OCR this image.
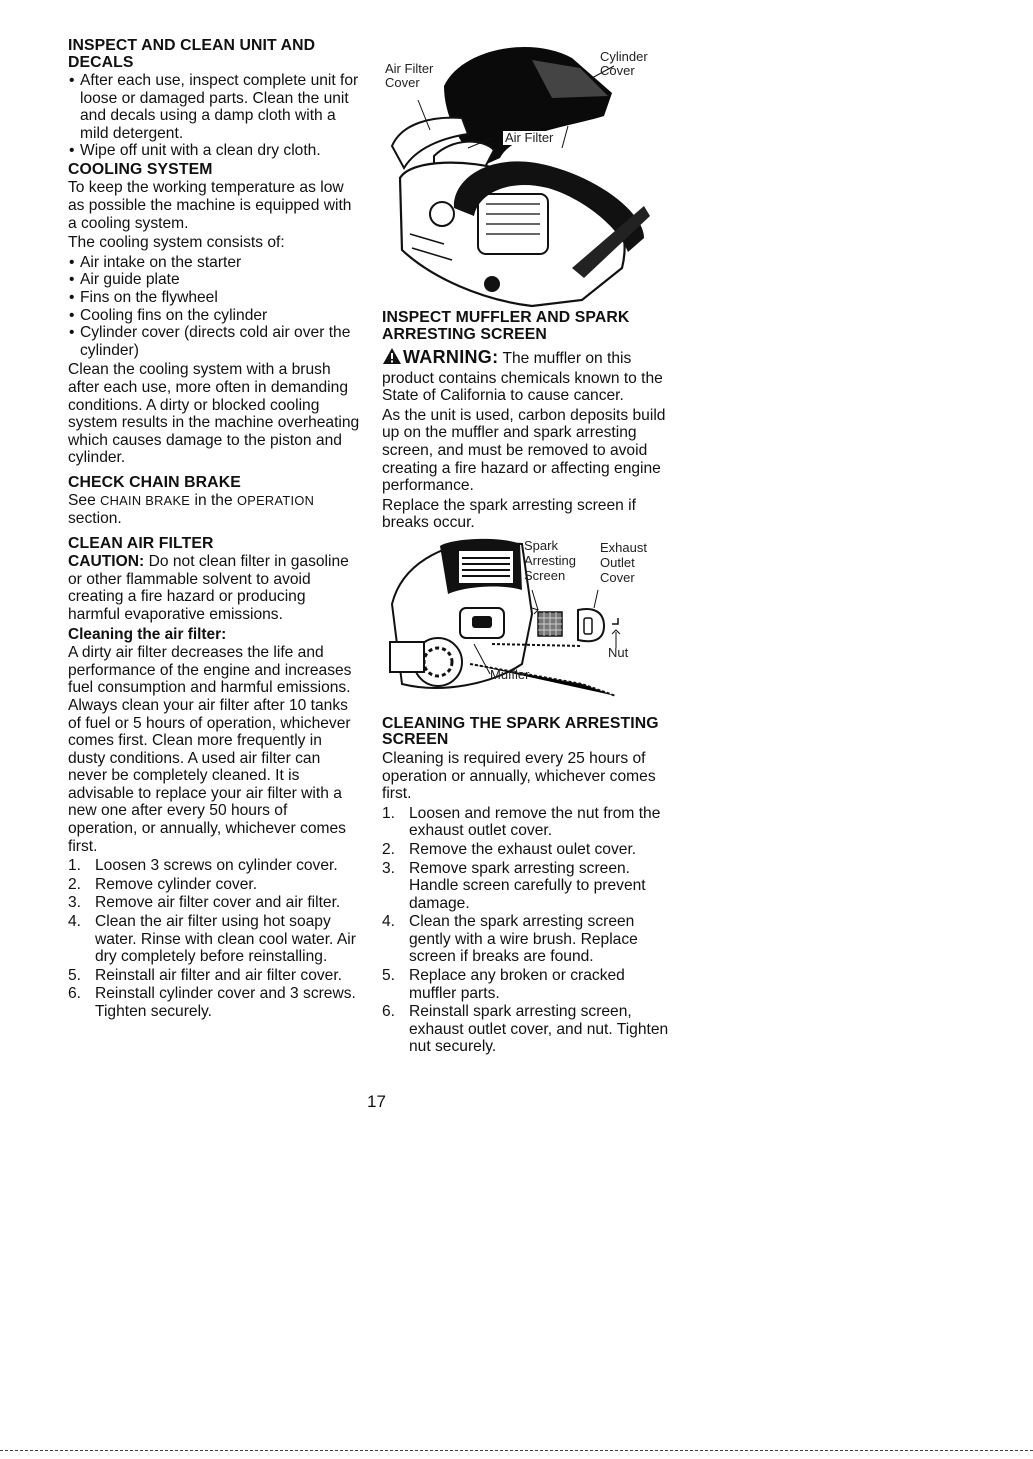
INSPECT AND CLEAN UNIT AND DECALS
• After each use, inspect complete unit for loose or damaged parts. Clean the unit and decals using a damp cloth with a mild detergent.
• Wipe off unit with a clean dry cloth.
COOLING SYSTEM

To keep the working temperature as low as possible the machine is equipped with a cooling system.

The cooling system consists of:

• Air intake on the starter
• Air guide plate
• Fins on the flywheel
• Cooling fins on the cylinder
• Cylinder cover (directs cold air over the cylinder)

Clean the cooling system with a brush after each use, more often in demanding conditions. A dirty or blocked cooling system results in the machine overheating which causes damage to the piston and cylinder.

CHECK CHAIN BRAKE

See CHAIN BRAKE in the OPERATION
section.

CLEAN AIR FILTER

CAUTION: Do not clean filter in gasoline or other flammable solvent to avoid creating a fire hazard or producing harmful evaporative emissions.

Cleaning the air filter:

A dirty air filter decreases the life and performance of the engine and increases fuel consumption and harmful emissions. Always clean your air filter after 10 tanks of fuel or 5 hours of operation, whichever comes first. Clean more frequently in dusty conditions. A used air filter can never be completely cleaned. It is advisable to replace your air filter with a new one after every 50 hours of operation, or annually, whichever comes first.

1. Loosen 3 screws on cylinder cover.
2. Remove cylinder cover.
3. Remove air filter cover and air filter.
4. Clean the air filter using hot soapy water. Rinse with clean cool water. Air dry completely before reinstalling.
5. Reinstall air filter and air filter cover.
6. Reinstall cylinder cover and 3 screws. Tighten securely.
Air Filter
Cover
Cylinder
Cover
Air Filter
INSPECT MUFFLER AND SPARK ARRESTING SCREEN

WARNING: The muffler on this product contains chemicals known to the State of California to cause cancer.

As the unit is used, carbon deposits build up on the muffler and spark arresting screen, and must be removed to avoid creating a fire hazard or affecting engine performance.

Replace the spark arresting screen if breaks occur.

Spark
Arresting
Screen
Exhaust
Outlet
Cover
Nut
Muffler
CLEANING THE SPARK ARRESTING SCREEN

Cleaning is required every 25 hours of operation or annually, whichever comes first.

1. Loosen and remove the nut from the exhaust outlet cover.
2. Remove the exhaust oulet cover.
3. Remove spark arresting screen. Handle screen carefully to prevent damage.
4. Clean the spark arresting screen gently with a wire brush. Replace screen if breaks are found.
5. Replace any broken or cracked muffler parts.
6. Reinstall spark arresting screen, exhaust outlet cover, and nut. Tighten nut securely.
17
